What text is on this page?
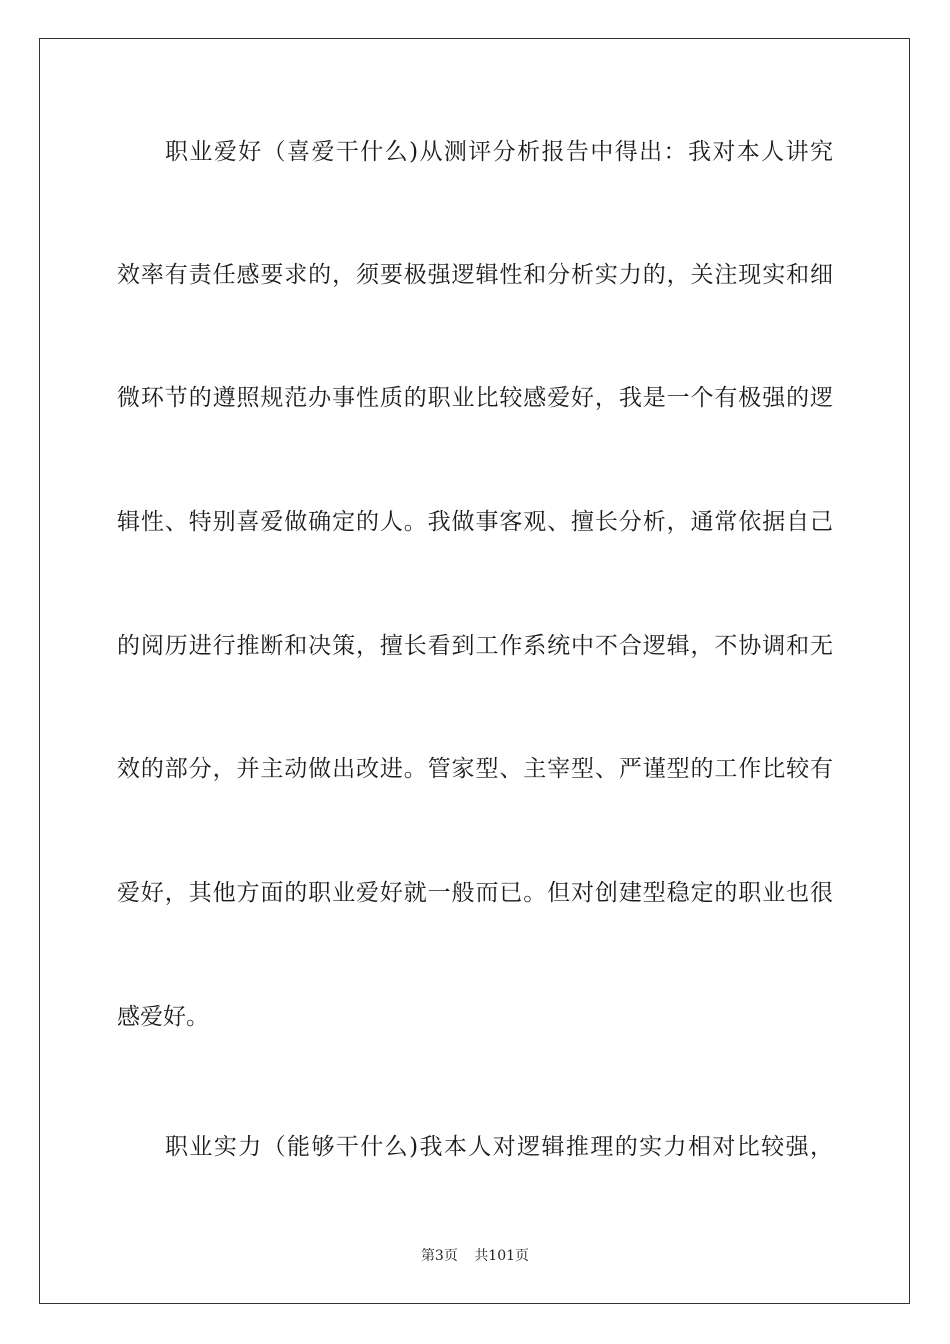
职业爱好（喜爱干什么)从测评分析报告中得出：我对本人讲究
效率有责任感要求的，须要极强逻辑性和分析实力的，关注现实和细
微环节的遵照规范办事性质的职业比较感爱好，我是一个有极强的逻
辑性、特别喜爱做确定的人。我做事客观、擅长分析，通常依据自己
的阅历进行推断和决策，擅长看到工作系统中不合逻辑，不协调和无
效的部分，并主动做出改进。管家型、主宰型、严谨型的工作比较有
爱好，其他方面的职业爱好就一般而已。但对创建型稳定的职业也很
感爱好。
职业实力（能够干什么)我本人对逻辑推理的实力相对比较强，
第3页 共101页
